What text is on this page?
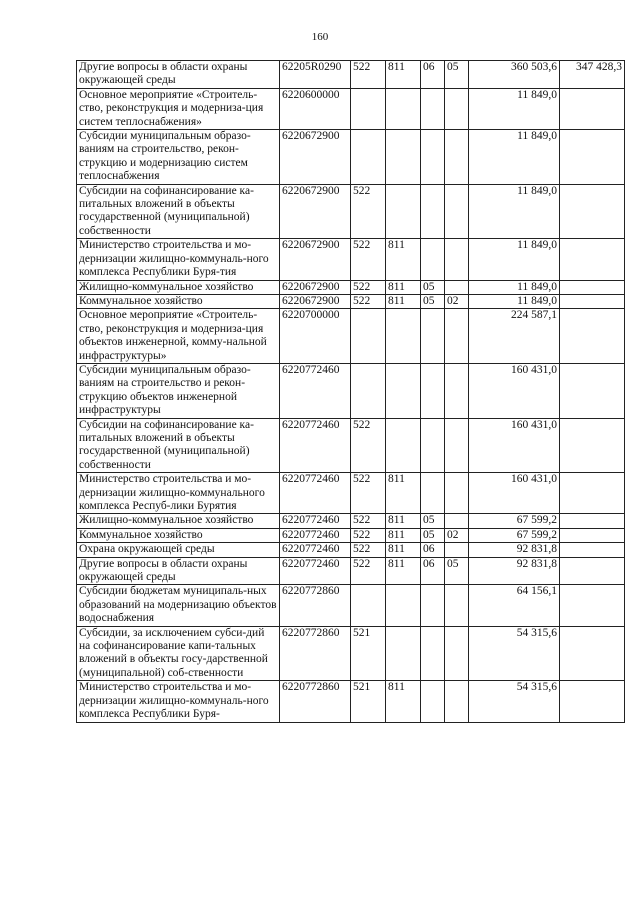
160
Другие вопросы в области охраны окружающей среды	62205R0290	522	811	06	05	360 503,6	347 428,3
Основное мероприятие «Строитель-ство, реконструкция и модерниза-ция систем теплоснабжения»	6220600000					11 849,0	
Субсидии муниципальным образо-ваниям на строительство, рекон-струкцию и модернизацию систем теплоснабжения	6220672900					11 849,0	
Субсидии на софинансирование ка-питальных вложений в объекты государственной (муниципальной) собственности	6220672900	522				11 849,0	
Министерство строительства и мо-дернизации жилищно-коммуналь-ного комплекса Республики Буря-тия	6220672900	522	811			11 849,0	
Жилищно-коммунальное хозяйство	6220672900	522	811	05		11 849,0	
Коммунальное хозяйство	6220672900	522	811	05	02	11 849,0	
Основное мероприятие «Строитель-ство, реконструкция и модерниза-ция объектов инженерной, комму-нальной инфраструктуры»	6220700000					224 587,1	
Субсидии муниципальным образо-ваниям на строительство и рекон-струкцию объектов инженерной инфраструктуры	6220772460					160 431,0	
Субсидии на софинансирование ка-питальных вложений в объекты государственной (муниципальной) собственности	6220772460	522				160 431,0	
Министерство строительства и мо-дернизации жилищно-коммунального комплекса Респуб-лики Бурятия	6220772460	522	811			160 431,0	
Жилищно-коммунальное хозяйство	6220772460	522	811	05		67 599,2	
Коммунальное хозяйство	6220772460	522	811	05	02	67 599,2	
Охрана окружающей среды	6220772460	522	811	06		92 831,8	
Другие вопросы в области охраны окружающей среды	6220772460	522	811	06	05	92 831,8	
Субсидии бюджетам муниципаль-ных образований на модернизацию объектов водоснабжения	6220772860					64 156,1	
Субсидии, за исключением субси-дий на софинансирование капи-тальных вложений в объекты госу-дарственной (муниципальной) соб-ственности	6220772860	521				54 315,6	
Министерство строительства и мо-дернизации жилищно-коммуналь-ного комплекса Республики Буря-	6220772860	521	811			54 315,6	
